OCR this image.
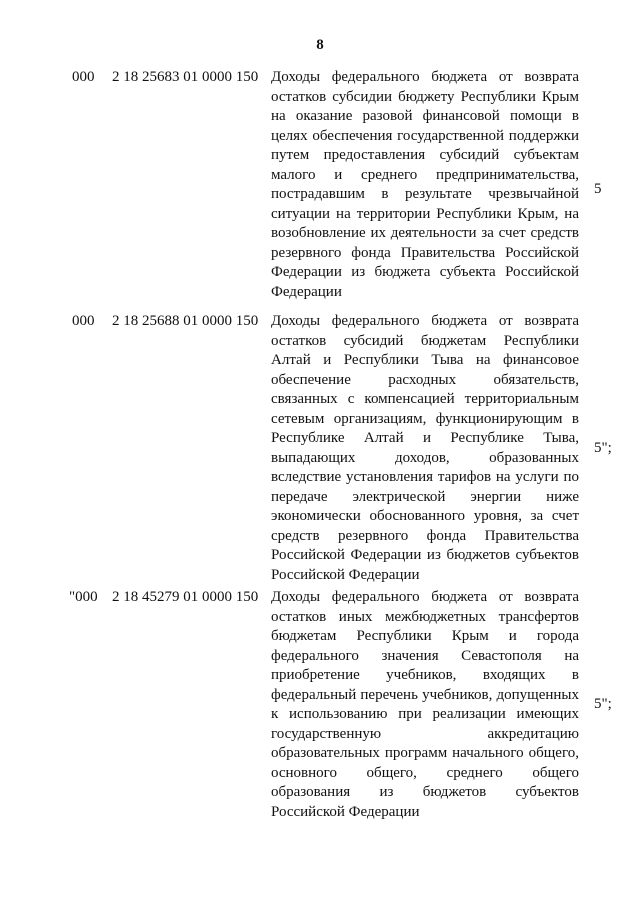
8
000 2 18 25683 01 0000 150 Доходы федерального бюджета от возврата
остатков субсидии бюджету Республики Крым
на оказание разовой финансовой помощи в
целях обеспечения государственной поддержки
путем предоставления субсидий субъектам
малого и среднего предпринимательства,
пострадавшим в результате чрезвычайной
ситуации на территории Республики Крым, на
возобновление их деятельности за счет средств
резервного фонда Правительства Российской
Федерации из бюджета субъекта Российской
Федерации
5
000 2 18 25688 01 0000 150 Доходы федерального бюджета от возврата
остатков субсидий бюджетам Республики
Алтай и Республики Тыва на финансовое
обеспечение расходных обязательств,
связанных с компенсацией территориальным
сетевым организациям, функционирующим в
Республике Алтай и Республике Тыва,
выпадающих доходов, образованных
вследствие установления тарифов на услуги по
передаче электрической энергии ниже
экономически обоснованного уровня, за счет
средств резервного фонда Правительства
Российской Федерации из бюджетов субъектов
Российской Федерации
5";
"000 2 18 45279 01 0000 150 Доходы федерального бюджета от возврата
остатков иных межбюджетных трансфертов
бюджетам Республики Крым и города
федерального значения Севастополя на
приобретение учебников, входящих в
федеральный перечень учебников, допущенных
к использованию при реализации имеющих
государственную аккредитацию
образовательных программ начального общего,
основного общего, среднего общего
образования из бюджетов субъектов
Российской Федерации
5";
